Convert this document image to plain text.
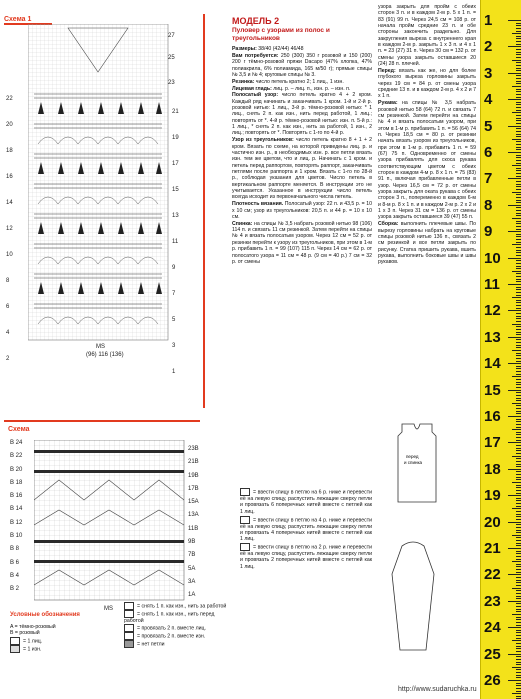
Схема 1
27
25
23
22
20
18
16
14
12
10
8
6
4
2
21
19
17
15
13
11
9
7
5
3
1
MS
(96) 116 (136)
Схема
B 24
B 22
B 20
B 18
B 16
B 14
B 12
B 10
B 8
B 6
B 4
B 2
23B
21B
19B
17B
15A
13A
11B
9B
7B
5A
3A
1A
MS
Условные обозначения
A = тёмно-розовый
B = розовый
= 1 лиц.
= 1 изн.
= снять 1 п. как изн., нить за работой
= снять 1 п. как изн., нить перед работой
= провязать 2 п. вместе лиц.
= провязать 2 п. вместе изн.
= нет петли
МОДЕЛЬ 2
Пуловер с узорами из полос и треугольников

Размеры: 38/40 (42/44) 46/48

Вам потребуется: 250 (300) 350 г розовой и 150 (200) 200 г тёмно-розовой пряжи Dacapo (47% хлопка, 47% полиакрила, 6% полиамида, 165 м/50 г); прямые спицы № 3,5 и № 4; круговые спицы № 3.

Резинка: число петель кратно 2; 1 лиц., 1 изн.

Лицевая гладь: лиц. р. – лиц. п., изн. р. – изн. п.

Полосатый узор: число петель кратно 4 + 2 кром. Каждый ряд начинать и заканчивать 1 кром. 1-й и 2-й р. розовой нитью: 1 лиц., 3-й р. тёмно-розовой нитью: * 1 лиц., снять 2 п. как изн., нить перед работой, 1 лиц.; повторять от *. 4-й р. тёмно-розовой нитью: изн. п. 5-й р.: 1 лиц., * снять 2 п. как изн., нить за работой, 1 изн., 2 лиц.; повторять от *. Повторять с 1-го по 4-й р.

Узор из треугольников: число петель кратно 8 + 1 + 2 кром. Вязать по схеме, на которой приведены лиц. р. и частично изн. р., в необходимых изн. р. все петли вязать изн. тем же цветом, что и лиц. р. Начинать с 1 кром. и петель перед раппортом, повторять раппорт, заканчивать петлями после раппорта и 1 кром. Вязать с 1-го по 28-й р., соблюдая указания для цветов. Число петель в вертикальном раппорте меняется. В инструкции это не учитывается. Указанное в инструкции число петель всегда исходит из первоначального числа петель.

Плотность вязания. Полосатый узор: 22 п. и 43,5 р. = 10 х 10 см; узор из треугольников: 20,5 п. и 44 р. = 10 х 10 см.

Спинка: на спицы № 3,5 набрать розовой нитью 98 (106) 114 п. и связать 11 см резинкой. Затем перейти на спицы № 4 и вязать полосатым узором. Через 12 см = 52 р. от резинки перейти к узору из треугольников, при этом в 1-м р. прибавить 1 п. = 99 (107) 115 п. Через 14 см = 62 р. от полосатого узора = 11 см = 48 р. (9 см = 40 р.) 7 см = 32 р. от смены

= ввести спицу в петлю на 6 р. ниже и перевести её на левую спицу, распустить лежащие сверху петли и провязать 6 поперечных нитей вместе с петлей как 1 лиц.

= ввести спицу в петлю на 4 р. ниже и перевести её на левую спицу, распустить лежащие сверху петли и провязать 4 поперечных нитей вместе с петлей как 1 лиц.

= ввести спицу в петлю на 2 р. ниже и перевести её на левую спицу, распустить лежащие сверху петли и провязать 2 поперечных нитей вместе с петлей как 1 лиц.

узора закрыть для пройм с обеих сторон 3 п. и в каждом 2-м р. 5 x 1 п. = 83 (91) 99 п. Через 24,5 см = 108 р. от начала пройм средние 23 п. и обе стороны закончить раздельно. Для закругления выреза с внутреннего края в каждом 2-м р. закрыть 1 х 3 п. и 4 х 1 п. = 23 (27) 31 п. Через 30 см = 132 р. от смены узора закрыть оставшиеся 20 (24) 28 п. плечей.

Перед: вязать как же, но для более глубокого выреза горловины закрыть через 19 см = 84 р. от смены узора средние 13 п. и в каждом 2-м р. 4 x 2 и 7 x 1 п.

Рукава: на спицы № 3,5 набрать розовой нитью 58 (64) 72 п. и связать 7 см резинкой. Затем перейти на спицы № 4 и вязать полосатым узором, при этом в 1-м р. прибавить 1 п. = 56 (64) 74 п. Через 18,5 см = 80 р. от резинки начать вязать узором из треугольников, при этом в 1-м р. прибавить 1 п. = 59 (67) 75 п. Одновременно от смены узора прибавлять для скоса рукава соответствующим цветом с обеих сторон в каждом 4-м р. 8 x 1 п. = 75 (83) 91 п., включая прибавленные петли в узор. Через 16,5 см = 72 р. от смены узора закрыть для оката рукава с обеих сторон 3 п., попеременно в каждом 6-м и 8-м р. 8 x 1 п. и в каждом 2-м р. 2 х 2 и 1 х 3 п. Через 31 см = 136 р. от смены узора закрыть оставшиеся 39 (47) 55 п.

Сборка: выполнить плечевые швы. По вырезу горловины набрать на круговые спицы розовой нитью 136 п., связать 2 см резинкой и все петли закрыть по рисунку. Статка пришить рукава, вшить рукава, выполнить боковые швы и швы рукавов.

перед
и спинка
http://www.sudaruchka.ru
1
2
3
4
5
6
7
8
9
10
11
12
13
14
15
16
17
18
19
20
21
22
23
24
25
26
